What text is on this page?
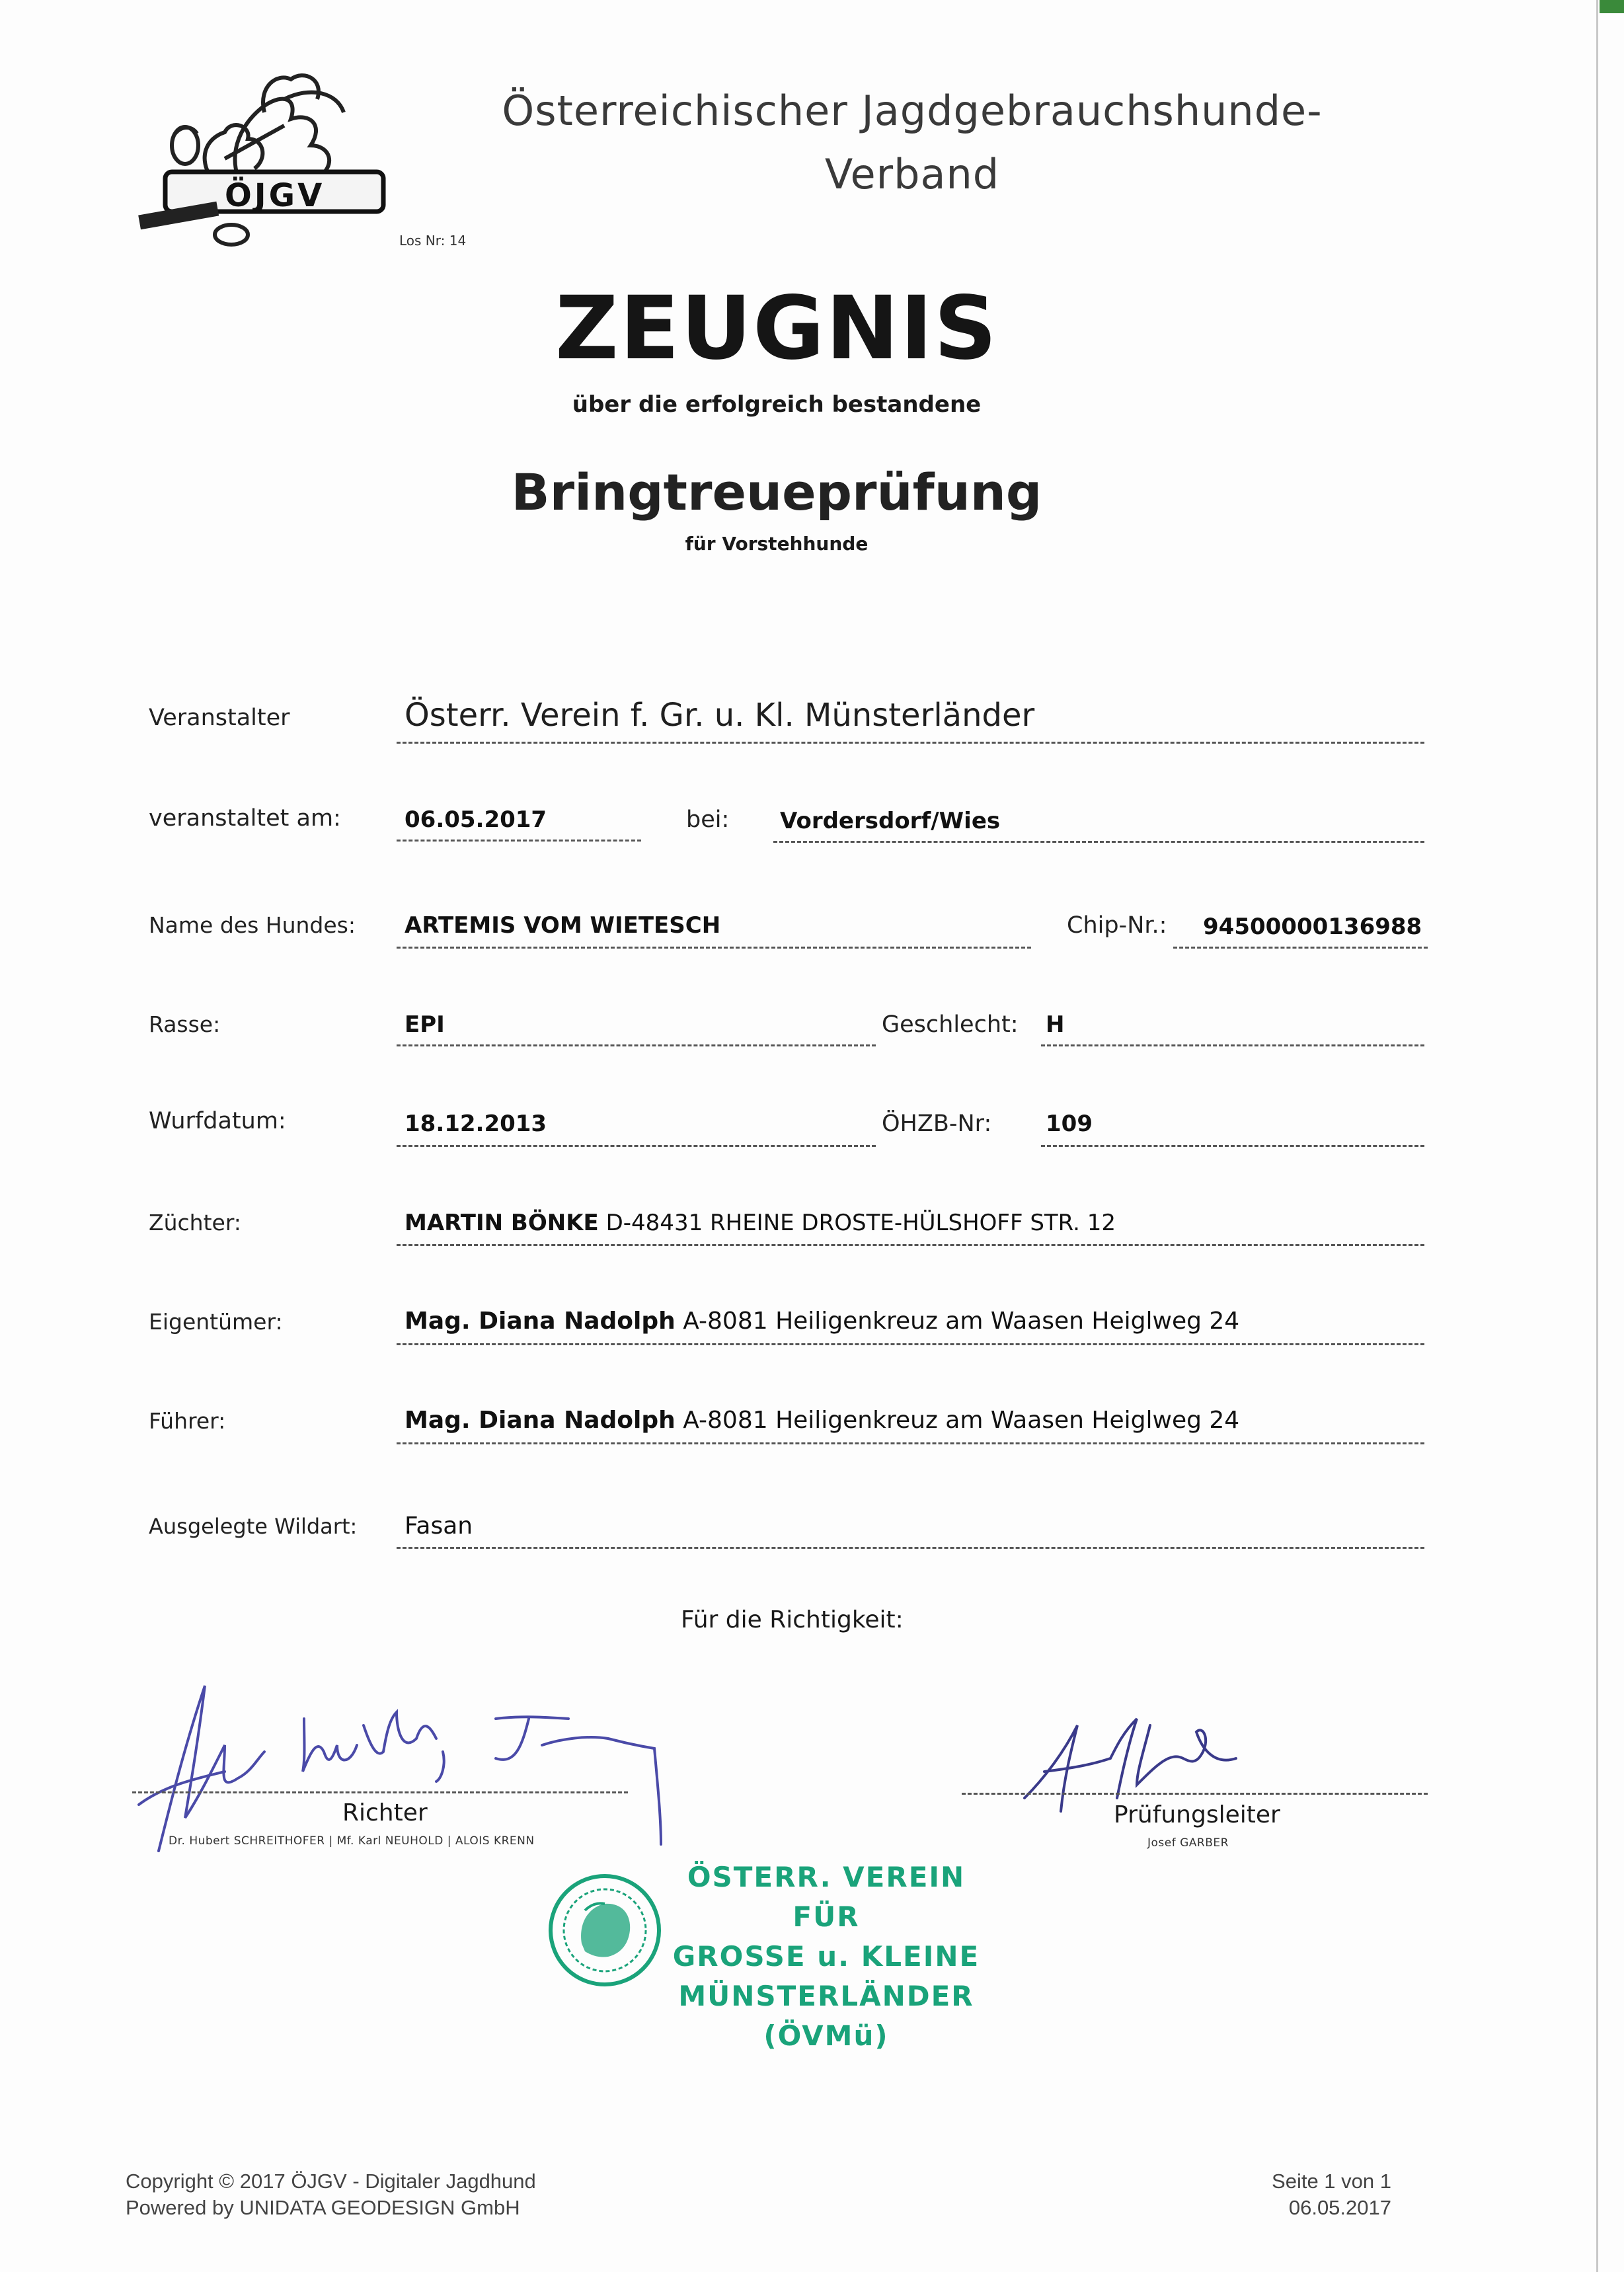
ÖJGV
Los Nr: 14
Österreichischer Jagdgebrauchshunde-
Verband
ZEUGNIS
über die erfolgreich bestandene
Bringtreueprüfung
für Vorstehhunde
Veranstalter	Österr. Verein f. Gr. u. Kl. Münsterländer
veranstaltet am:	06.05.2017	bei: Vordersdorf/Wies
Name des Hundes: ARTEMIS VOM WIETESCH	Chip-Nr.: 94500000136988
Rasse:	EPI	Geschlecht: H
Wurfdatum:	18.12.2013	ÖHZB-Nr: 109
Züchter:	MARTIN BÖNKE D-48431 RHEINE DROSTE-HÜLSHOFF STR. 12
Eigentümer:	Mag. Diana Nadolph A-8081 Heiligenkreuz am Waasen Heiglweg 24
Führer:	Mag. Diana Nadolph A-8081 Heiligenkreuz am Waasen Heiglweg 24
Ausgelegte Wildart: Fasan
Für die Richtigkeit:
Richter
Dr. Hubert SCHREITHOFER | Mf. Karl NEUHOLD | ALOIS KRENN
Prüfungsleiter
Josef GARBER
ÖSTERR. VEREIN FÜR
GROSSE u. KLEINE
MÜNSTERLÄNDER
(ÖVMü)
Copyright © 2017 ÖJGV - Digitaler Jagdhund
Powered by UNIDATA GEODESIGN GmbH
Seite 1 von 1
06.05.2017
